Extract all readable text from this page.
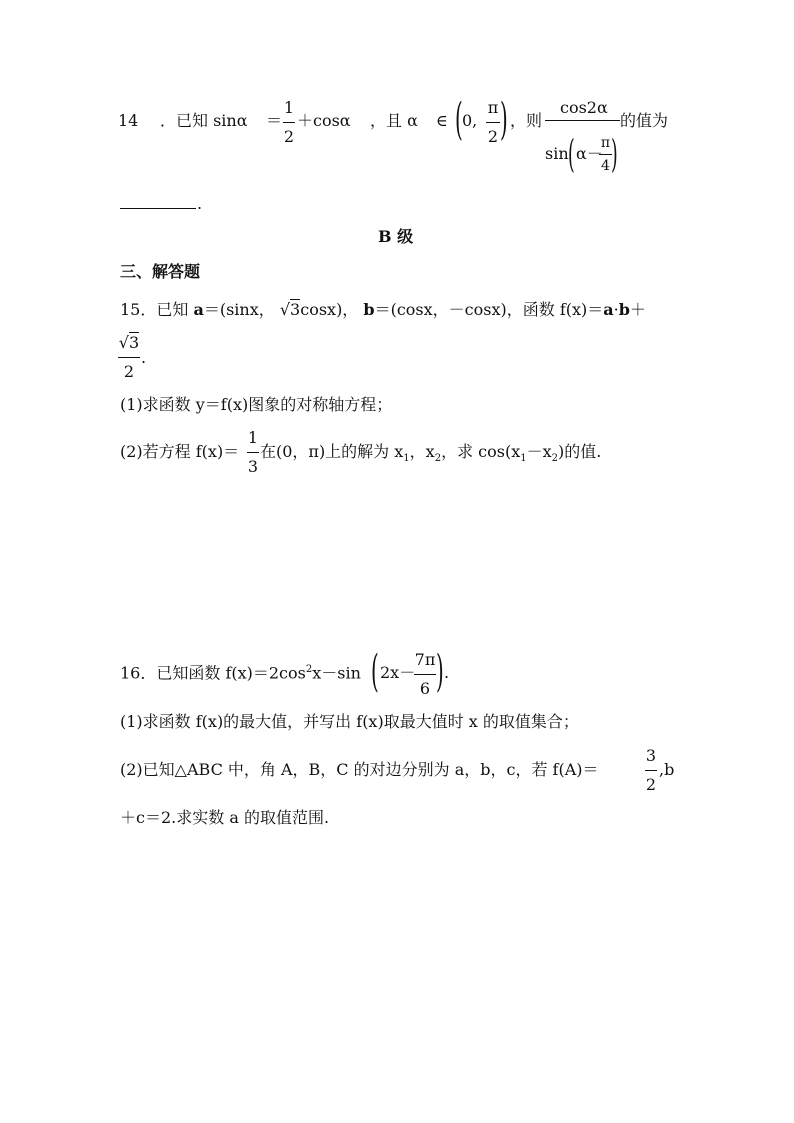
14 ．已知 sinα ＝
1
2
＋cosα ，且 α ∈ ( 0,
π
2 ) ，则
cos2α
sin ( α－
π
4 )
的值为
.
B 级
三、解答题
15．已知 a＝(sinx， √3cosx)， b＝(cosx，－cosx)，函数 f(x)＝a·b＋
√3
2
.
(1)求函数 y＝f(x)图象的对称轴方程；
(2)若方程 f(x)＝
1
3
在(0，π)上的解为 $x_1$，$x_2$，求 $\cos(x_1-x_2)$的值.
16．已知函数 $f(x)=2\cos^2x-\sin$ ( 2x－
7π
6 ) .
(1)求函数 f(x)的最大值，并写出 f(x)取最大值时 x 的取值集合；
(2)已知△ABC 中，角 A，B，C 的对边分别为 a，b，c，若 f(A)＝
3
2
,b
＋c＝2.求实数 a 的取值范围.
